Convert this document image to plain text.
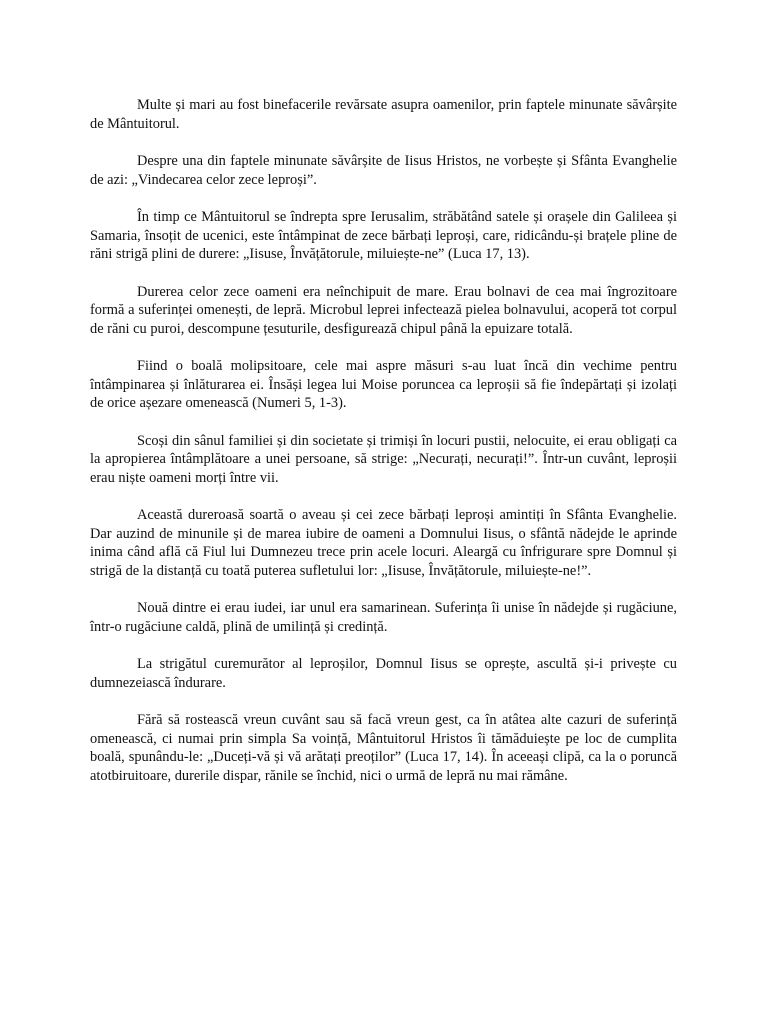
Multe și mari au fost binefacerile revărsate asupra oamenilor, prin faptele minunate săvârșite de Mântuitorul.

Despre una din faptele minunate săvârșite de Iisus Hristos, ne vorbește și Sfânta Evanghelie de azi: „Vindecarea celor zece leproși”.

În timp ce Mântuitorul se îndrepta spre Ierusalim, străbătând satele și orașele din Galileea și Samaria, însoțit de ucenici, este întâmpinat de zece bărbați leproși, care, ridicându-și brațele pline de răni strigă plini de durere: „Iisuse, Învățătorule, miluiește-ne” (Luca 17, 13).

Durerea celor zece oameni era neînchipuit de mare. Erau bolnavi de cea mai îngrozitoare formă a suferinței omenești, de lepră. Microbul leprei infectează pielea bolnavului, acoperă tot corpul de răni cu puroi, descompune țesuturile, desfigurează chipul până la epuizare totală.

Fiind o boală molipsitoare, cele mai aspre măsuri s-au luat încă din vechime pentru întâmpinarea și înlăturarea ei. Însăși legea lui Moise poruncea ca leproșii să fie îndepărtați și izolați de orice așezare omenească (Numeri 5, 1-3).

Scoși din sânul familiei și din societate și trimiși în locuri pustii, nelocuite, ei erau obligați ca la apropierea întâmplătoare a unei persoane, să strige: „Necurați, necurați!”. Într-un cuvânt, leproșii erau niște oameni morți între vii.

Această dureroasă soartă o aveau și cei zece bărbați leproși amintiți în Sfânta Evanghelie. Dar auzind de minunile și de marea iubire de oameni a Domnului Iisus, o sfântă nădejde le aprinde inima când află că Fiul lui Dumnezeu trece prin acele locuri. Aleargă cu înfrigurare spre Domnul și strigă de la distanță cu toată puterea sufletului lor: „Iisuse, Învățătorule, miluiește-ne!”.

Nouă dintre ei erau iudei, iar unul era samarinean. Suferința îi unise în nădejde și rugăciune, într-o rugăciune caldă, plină de umilință și credință.

La strigătul curemurător al leproșilor, Domnul Iisus se oprește, ascultă și-i privește cu dumnezeiască îndurare.

Fără să rostească vreun cuvânt sau să facă vreun gest, ca în atâtea alte cazuri de suferință omenească, ci numai prin simpla Sa voință, Mântuitorul Hristos îi tămăduiește pe loc de cumplita boală, spunându-le: „Duceți-vă și vă arătați preoților” (Luca 17, 14). În aceeași clipă, ca la o poruncă atotbiruitoare, durerile dispar, rănile se închid, nici o urmă de lepră nu mai rămâne.
